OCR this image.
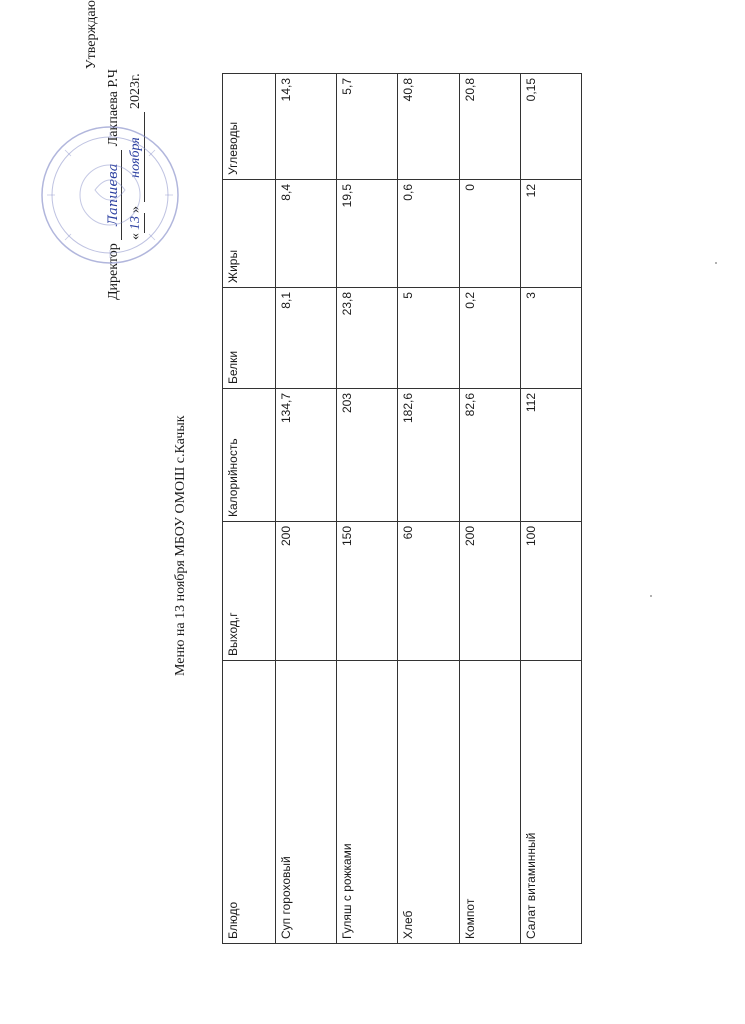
Утверждаю
Директор Лапшева Лакпаева Р.Ч
«13» ноября 2023г.
Меню на 13 ноября МБОУ ОМОШ с.Качык
Блюдо	Выход,г	Калорийность	Белки	Жиры	Углеводы
Суп гороховый	200	134,7	8,1	8,4	14,3
Гуляш с рожками	150	203	23,8	19,5	5,7
Хлеб	60	182,6	5	0,6	40,8
Компот	200	82,6	0,2	0	20,8
Салат витаминный	100	112	3	12	0,15
